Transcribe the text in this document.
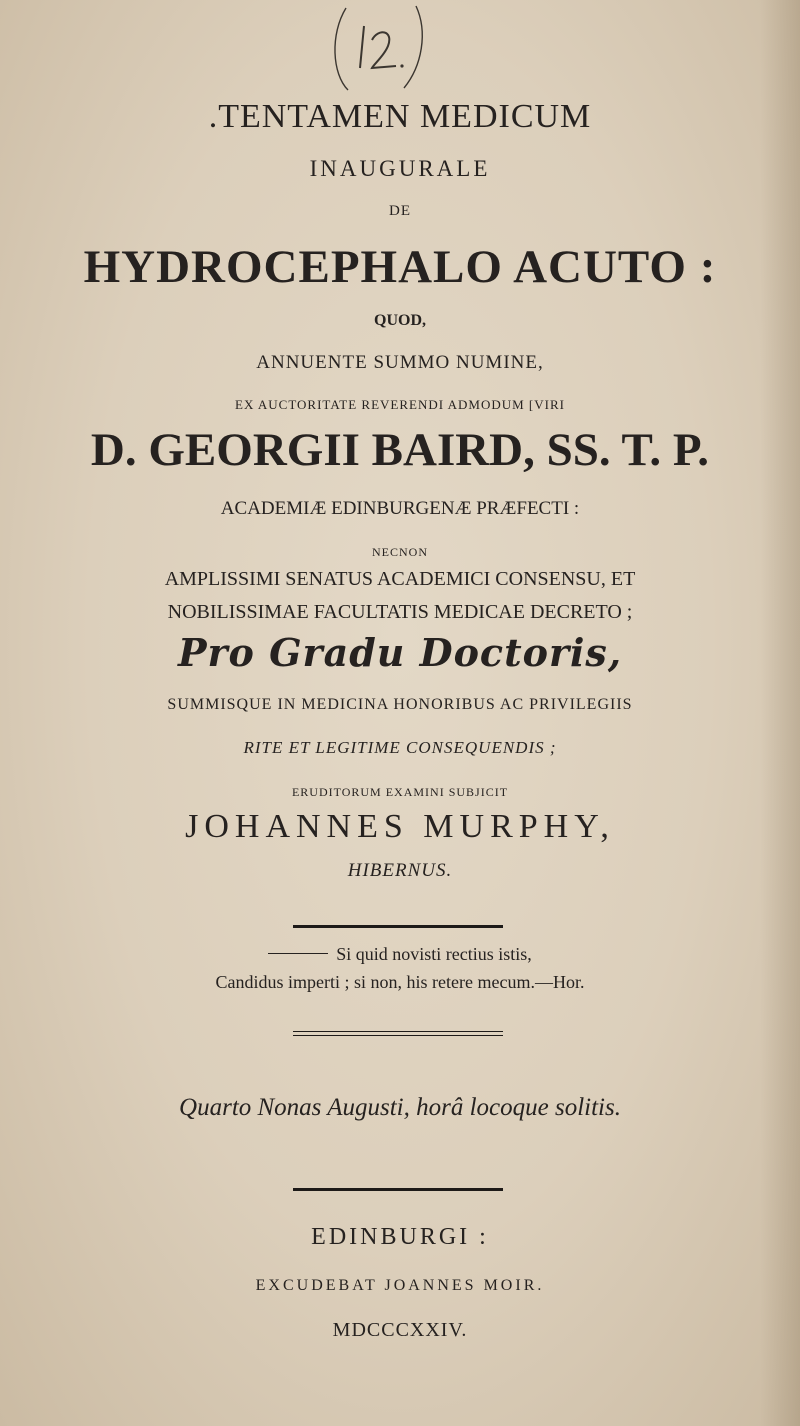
.TENTAMEN MEDICUM
INAUGURALE
DE
HYDROCEPHALO ACUTO :
QUOD,
ANNUENTE SUMMO NUMINE,
EX AUCTORITATE REVERENDI ADMODUM [VIRI
D. GEORGII BAIRD, SS. T. P.
ACADEMIÆ EDINBURGENÆ PRÆFECTI :
NECNON
AMPLISSIMI SENATUS ACADEMICI CONSENSU, ET
NOBILISSIMAE FACULTATIS MEDICAE DECRETO ;
Pro Gradu Doctoris,
SUMMISQUE IN MEDICINA HONORIBUS AC PRIVILEGIIS
RITE ET LEGITIME CONSEQUENDIS ;
ERUDITORUM EXAMINI SUBJICIT
JOHANNES MURPHY,
HIBERNUS.
Si quid novisti rectius istis,
Candidus imperti ; si non, his retere mecum.—Hor.
Quarto Nonas Augusti, horâ locoque solitis.
EDINBURGI :
EXCUDEBAT JOANNES MOIR.
MDCCCXXIV.
